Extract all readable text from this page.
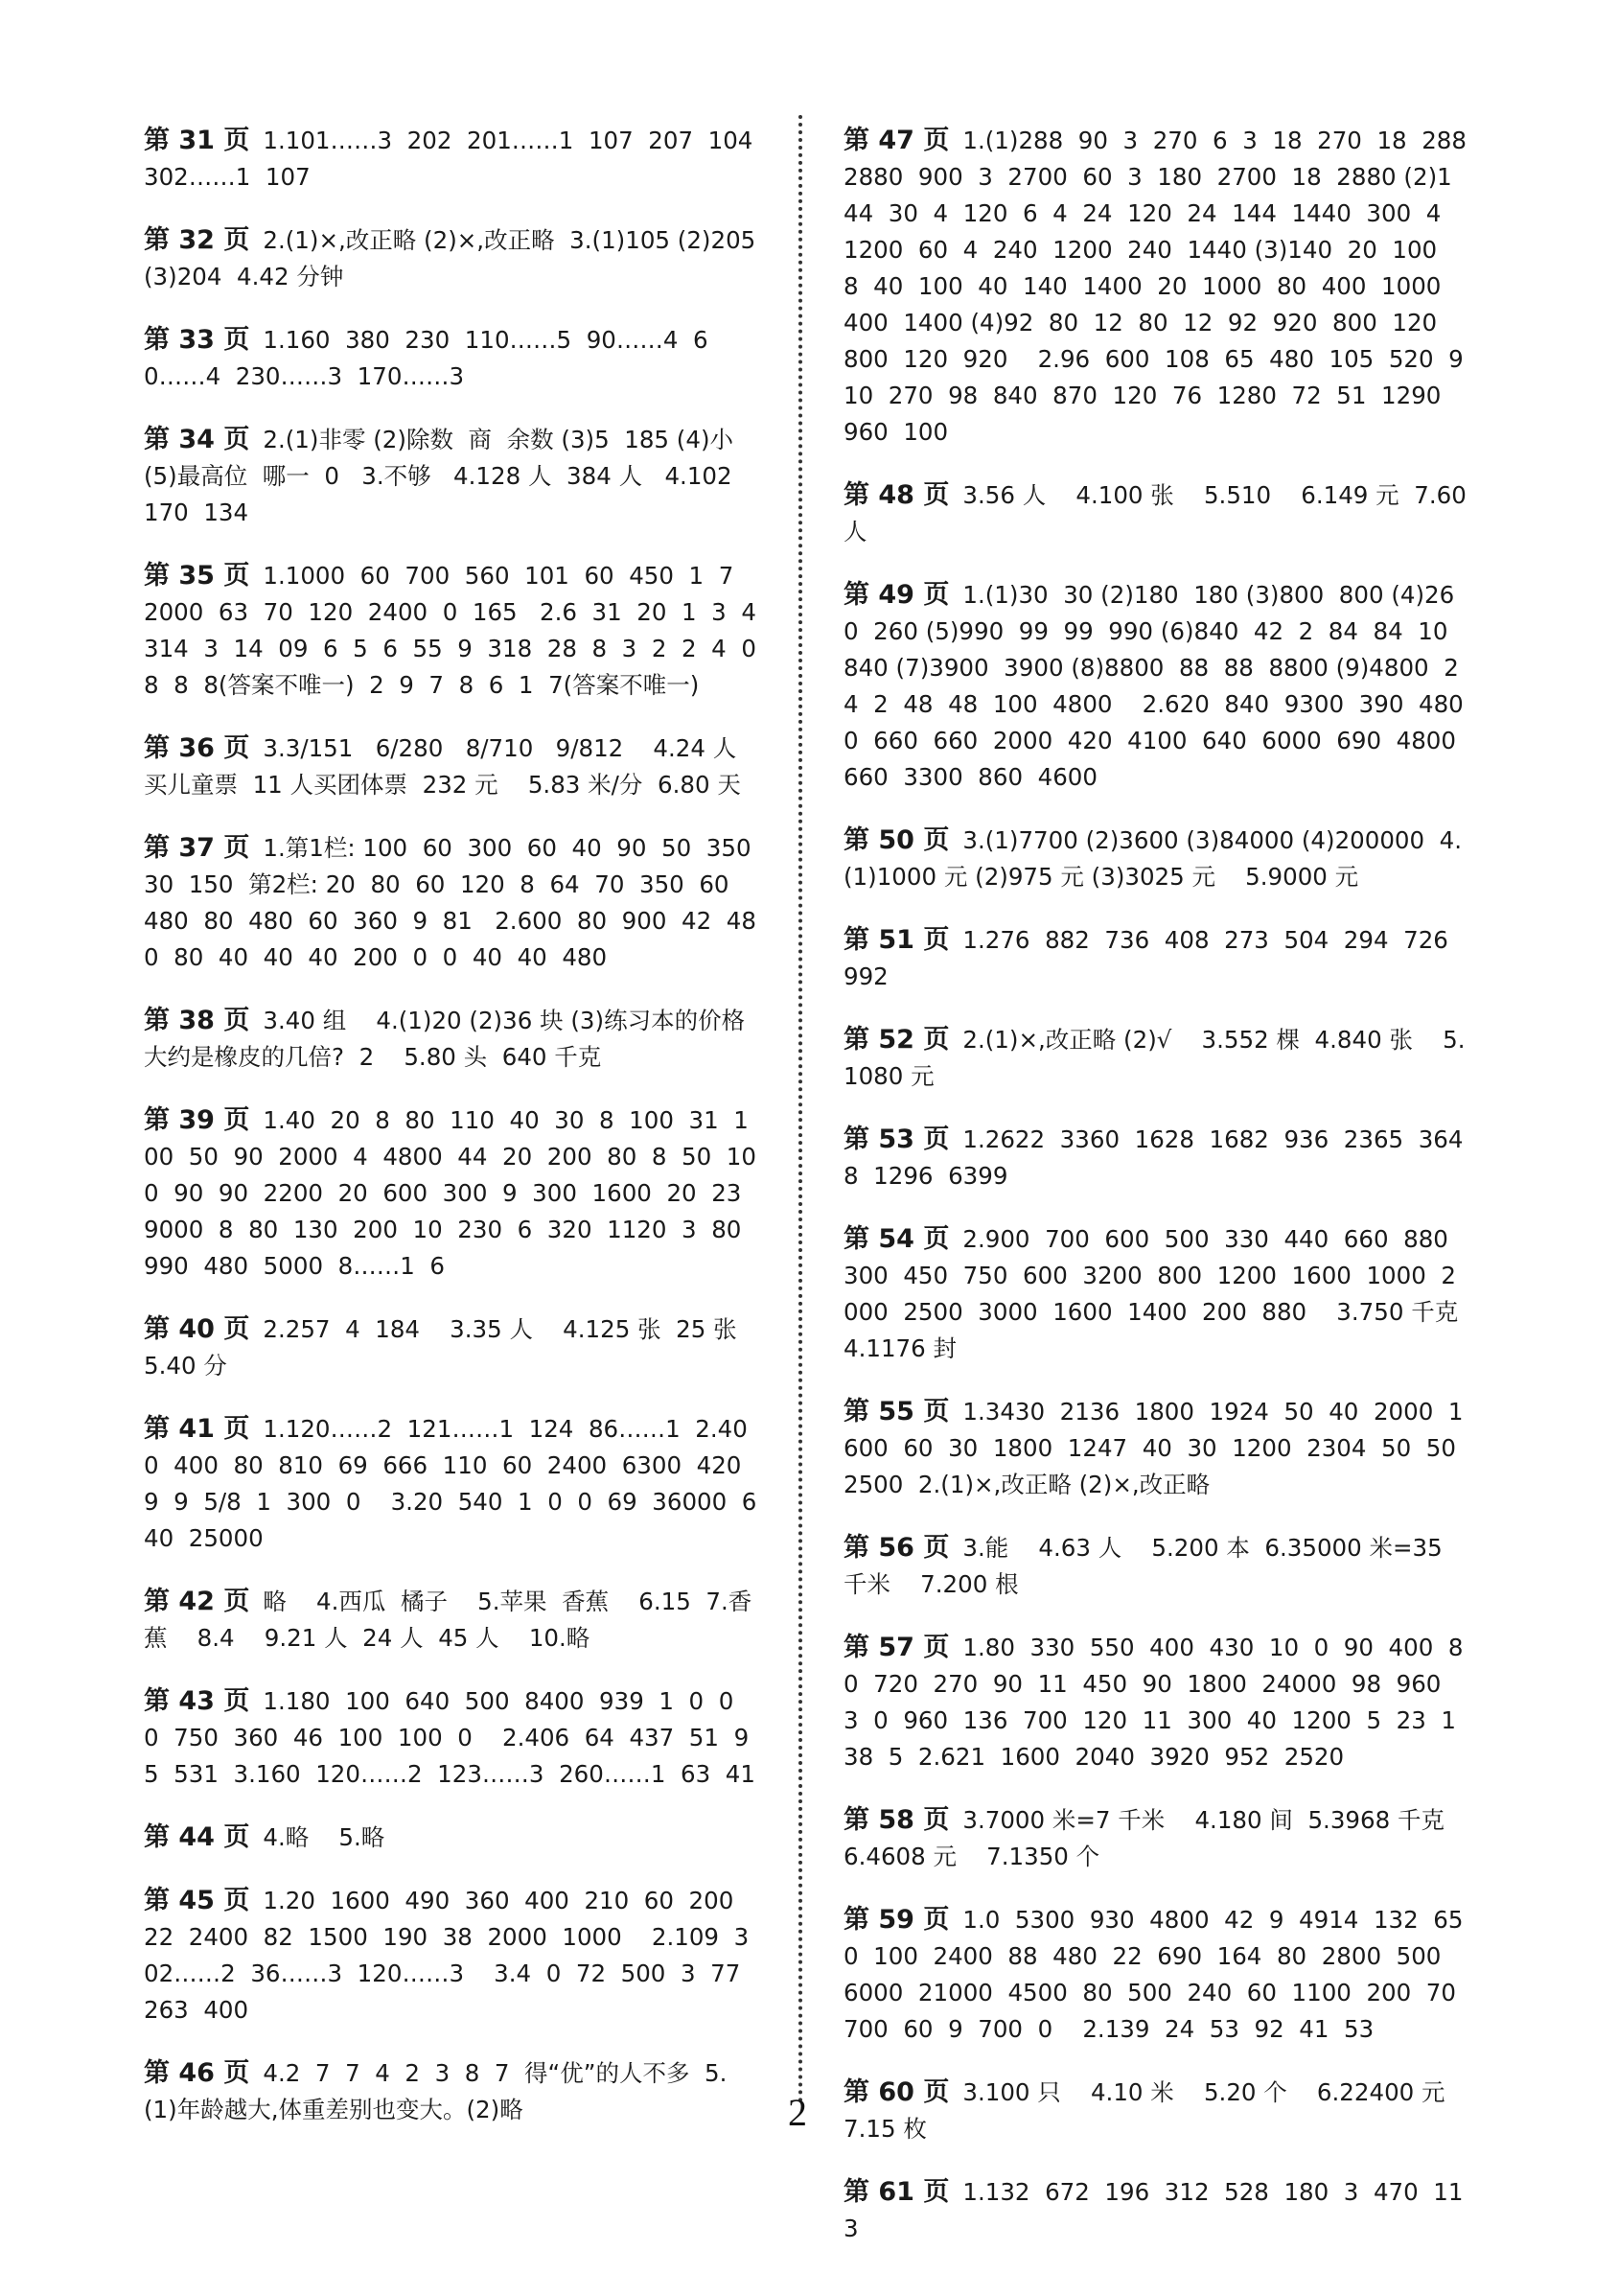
第 31 页 1.101……3  202  201……1  107  207  104  302……1  107
第 32 页 2.(1)×,改正略 (2)×,改正略  3.(1)105 (2)205 (3)204  4.42 分钟
第 33 页 1.160  380  230  110……5  90……4  60……4  230……3  170……3
第 34 页 2.(1)非零 (2)除数  商  余数 (3)5  185 (4)小 (5)最高位  哪一  0   3.不够   4.128 人  384 人   4.102  170  134
第 35 页 1.1000  60  700  560  101  60  450  1  7  2000  63  70  120  2400  0  165   2.6  31  20  1  3  4  314  3  14  09  6  5  6  55  9  318  28  8  3  2  2  4  08  8  8(答案不唯一)  2  9  7  8  6  1  7(答案不唯一)
第 36 页 3.3/151   6/280   8/710   9/812    4.24 人买儿童票  11 人买团体票  232 元    5.83 米/分  6.80 天
第 37 页 1.第1栏: 100  60  300  60  40  90  50  350  30  150  第2栏: 20  80  60  120  8  64  70  350  60  480  80  480  60  360  9  81   2.600  80  900  42  480  80  40  40  40  200  0  0  40  40  480
第 38 页 3.40 组    4.(1)20 (2)36 块 (3)练习本的价格大约是橡皮的几倍?  2    5.80 头  640 千克
第 39 页 1.40  20  8  80  110  40  30  8  100  31  100  50  90  2000  4  4800  44  20  200  80  8  50  100  90  90  2200  20  600  300  9  300  1600  20  23  9000  8  80  130  200  10  230  6  320  1120  3  80  990  480  5000  8……1  6
第 40 页 2.257  4  184    3.35 人    4.125 张  25 张  5.40 分
第 41 页 1.120……2  121……1  124  86……1  2.400  400  80  810  69  666  110  60  2400  6300  420  9  9  5/8  1  300  0    3.20  540  1  0  0  69  36000  640  25000
第 42 页 略    4.西瓜  橘子    5.苹果  香蕉    6.15  7.香蕉    8.4    9.21 人  24 人  45 人    10.略
第 43 页 1.180  100  640  500  8400  939  1  0  0  0  750  360  46  100  100  0    2.406  64  437  51  95  531  3.160  120……2  123……3  260……1  63  41
第 44 页 4.略    5.略
第 45 页 1.20  1600  490  360  400  210  60  200  22  2400  82  1500  190  38  2000  1000    2.109  302……2  36……3  120……3    3.4  0  72  500  3  77  263  400
第 46 页 4.2  7  7  4  2  3  8  7  得“优”的人不多  5.(1)年龄越大,体重差别也变大。(2)略
第 47 页 1.(1)288  90  3  270  6  3  18  270  18  288  2880  900  3  2700  60  3  180  2700  18  2880 (2)144  30  4  120  6  4  24  120  24  144  1440  300  4  1200  60  4  240  1200  240  1440 (3)140  20  100  8  40  100  40  140  1400  20  1000  80  400  1000  400  1400 (4)92  80  12  80  12  92  920  800  120  800  120  920    2.96  600  108  65  480  105  520  910  270  98  840  870  120  76  1280  72  51  1290  960  100
第 48 页 3.56 人    4.100 张    5.510    6.149 元  7.60 人
第 49 页 1.(1)30  30 (2)180  180 (3)800  800 (4)260  260 (5)990  99  99  990 (6)840  42  2  84  84  10  840 (7)3900  3900 (8)8800  88  88  8800 (9)4800  24  2  48  48  100  4800    2.620  840  9300  390  4800  660  660  2000  420  4100  640  6000  690  4800  660  3300  860  4600
第 50 页 3.(1)7700 (2)3600 (3)84000 (4)200000  4.(1)1000 元 (2)975 元 (3)3025 元    5.9000 元
第 51 页 1.276  882  736  408  273  504  294  726  992
第 52 页 2.(1)×,改正略 (2)√    3.552 棵  4.840 张    5.1080 元
第 53 页 1.2622  3360  1628  1682  936  2365  3648  1296  6399
第 54 页 2.900  700  600  500  330  440  660  880  300  450  750  600  3200  800  1200  1600  1000  2000  2500  3000  1600  1400  200  880    3.750 千克    4.1176 封
第 55 页 1.3430  2136  1800  1924  50  40  2000  1600  60  30  1800  1247  40  30  1200  2304  50  50  2500  2.(1)×,改正略 (2)×,改正略
第 56 页 3.能    4.63 人    5.200 本  6.35000 米=35 千米    7.200 根
第 57 页 1.80  330  550  400  430  10  0  90  400  80  720  270  90  11  450  90  1800  24000  98  960  3  0  960  136  700  120  11  300  40  1200  5  23  138  5  2.621  1600  2040  3920  952  2520
第 58 页 3.7000 米=7 千米    4.180 间  5.3968 千克    6.4608 元    7.1350 个
第 59 页 1.0  5300  930  4800  42  9  4914  132  650  100  2400  88  480  22  690  164  80  2800  500  6000  21000  4500  80  500  240  60  1100  200  70  700  60  9  700  0    2.139  24  53  92  41  53
第 60 页 3.100 只    4.10 米    5.20 个    6.22400 元  7.15 枚
第 61 页 1.132  672  196  312  528  180  3  470  113
2
